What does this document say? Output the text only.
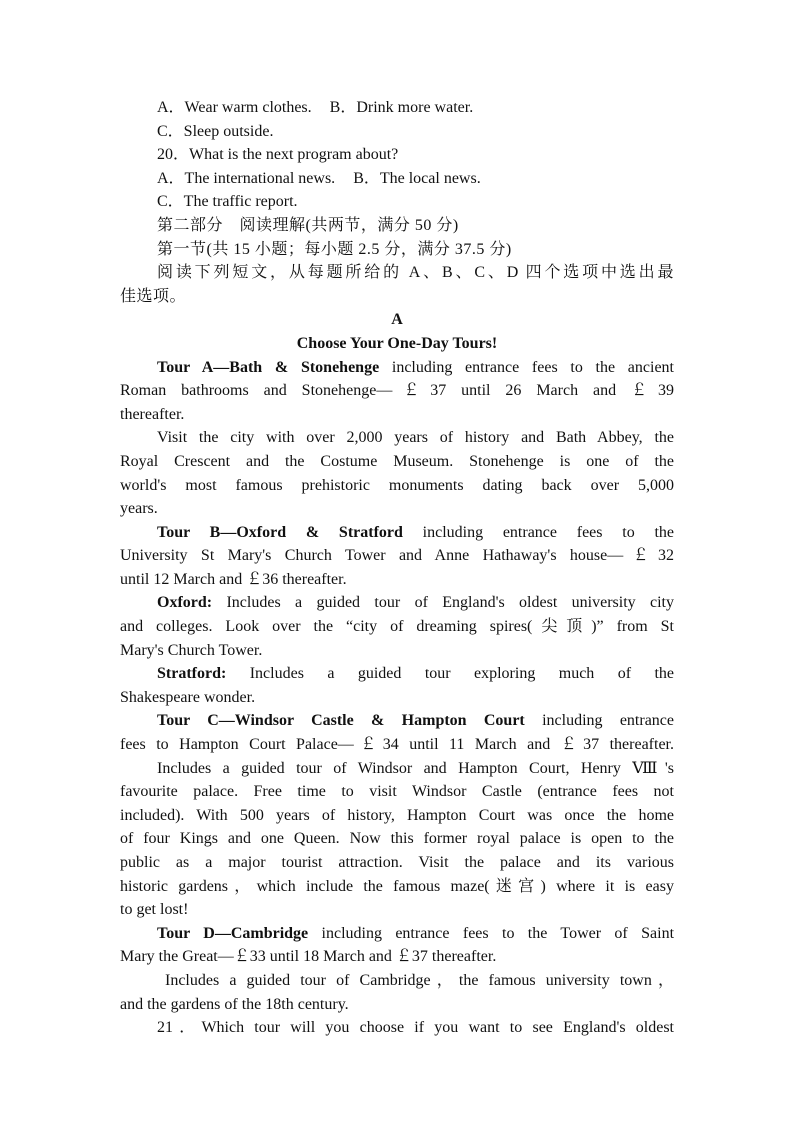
A．Wear warm clothes. B．Drink more water.
C．Sleep outside.
20．What is the next program about?
A．The international news. B．The local news.
C．The traffic report.
第二部分　阅读理解(共两节，满分 50 分)
第一节(共 15 小题；每小题 2.5 分，满分 37.5 分)
阅读下列短文，从每题所给的 A、B、C、D 四个选项中选出最
佳选项。
A
Choose Your One-Day Tours!
Tour A—Bath & Stonehenge including entrance fees to the ancient
Roman bathrooms and Stonehenge—￡37 until 26 March and ￡39
thereafter.
Visit the city with over 2,000 years of history and Bath Abbey, the
Royal Crescent and the Costume Museum. Stonehenge is one of the
world's most famous prehistoric monuments dating back over 5,000
years.
Tour B—Oxford & Stratford including entrance fees to the
University St Mary's Church Tower and Anne Hathaway's house—￡32
until 12 March and ￡36 thereafter.
Oxford: Includes a guided tour of England's oldest university city
and colleges. Look over the “city of dreaming spires(尖顶)” from St
Mary's Church Tower.
Stratford: Includes a guided tour exploring much of the
Shakespeare wonder.
Tour C—Windsor Castle & Hampton Court including entrance
fees to Hampton Court Palace—￡34 until 11 March and ￡37 thereafter.
Includes a guided tour of Windsor and Hampton Court, Henry Ⅷ's
favourite palace. Free time to visit Windsor Castle (entrance fees not
included). With 500 years of history, Hampton Court was once the home
of four Kings and one Queen. Now this former royal palace is open to the
public as a major tourist attraction. Visit the palace and its various
historic gardens，which include the famous maze(迷宫) where it is easy
to get lost!
Tour D—Cambridge including entrance fees to the Tower of Saint
Mary the Great—￡33 until 18 March and ￡37 thereafter.
Includes a guided tour of Cambridge，the famous university town，
and the gardens of the 18th century.
21．Which tour will you choose if you want to see England's oldest
